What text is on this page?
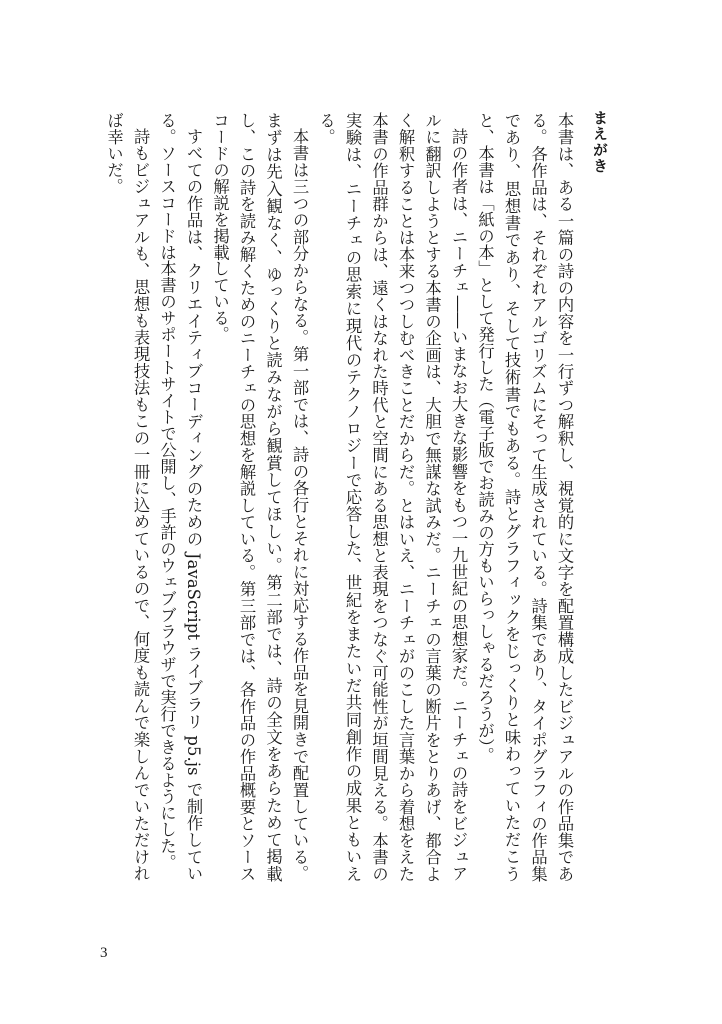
まえがき

本書は、ある一篇の詩の内容を一行ずつ解釈し、視覚的に文字を配置構成したビジュアルの作品集である。各作品は、それぞれアルゴリズムにそって生成されている。詩集であり、タイポグラフィの作品集であり、思想書であり、そして技術書でもある。詩とグラフィックをじっくりと味わっていただこうと、本書は「紙の本」として発行した（電子版でお読みの方もいらっしゃるだろうが）。

詩の作者は、ニーチェ――いまなお大きな影響をもつ一九世紀の思想家だ。ニーチェの詩をビジュアルに翻訳しようとする本書の企画は、大胆で無謀な試みだ。ニーチェの言葉の断片をとりあげ、都合よく解釈することは本来つつしむべきことだからだ。とはいえ、ニーチェがのこした言葉から着想をえた本書の作品群からは、遠くはなれた時代と空間にある思想と表現をつなぐ可能性が垣間見える。本書の実験は、ニーチェの思索に現代のテクノロジーで応答した、世紀をまたいだ共同創作の成果ともいえる。

本書は三つの部分からなる。第一部では、詩の各行とそれに対応する作品を見開きで配置している。まずは先入観なく、ゆっくりと読みながら観賞してほしい。第二部では、詩の全文をあらためて掲載し、この詩を読み解くためのニーチェの思想を解説している。第三部では、各作品の作品概要とソースコードの解説を掲載している。

すべての作品は、クリエイティブコーディングのための JavaScript ライブラリ p5.js で制作している。ソースコードは本書のサポートサイトで公開し、手許のウェブブラウザで実行できるようにした。

詩もビジュアルも、思想も表現技法もこの一冊に込めているので、何度も読んで楽しんでいただければ幸いだ。

3
